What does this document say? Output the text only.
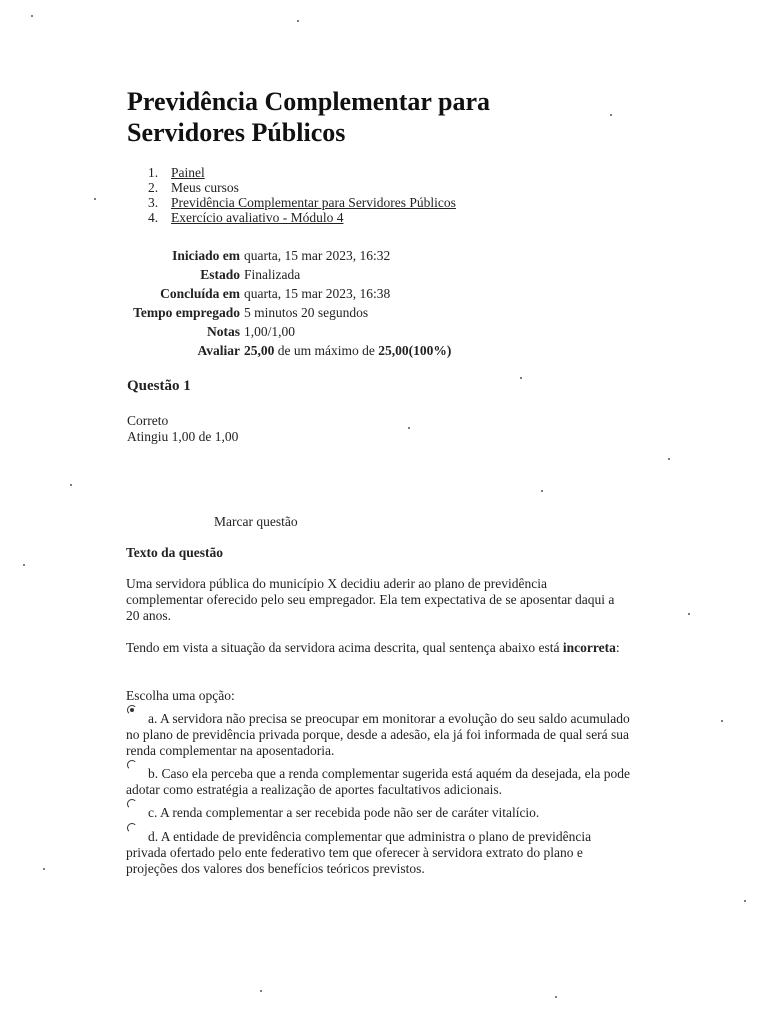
Previdência Complementar para
Servidores Públicos
1. Painel
2. Meus cursos
3. Previdência Complementar para Servidores Públicos
4. Exercício avaliativo - Módulo 4
Iniciado em	quarta, 15 mar 2023, 16:32
Estado	Finalizada
Concluída em	quarta, 15 mar 2023, 16:38
Tempo empregado	5 minutos 20 segundos
Notas	1,00/1,00
Avaliar	25,00 de um máximo de 25,00(100%)
Questão 1
Correto
Atingiu 1,00 de 1,00
Marcar questão
Texto da questão
Uma servidora pública do município X decidiu aderir ao plano de previdência complementar oferecido pelo seu empregador. Ela tem expectativa de se aposentar daqui a 20 anos.
Tendo em vista a situação da servidora acima descrita, qual sentença abaixo está incorreta:
Escolha uma opção:
a. A servidora não precisa se preocupar em monitorar a evolução do seu saldo acumulado no plano de previdência privada porque, desde a adesão, ela já foi informada de qual será sua renda complementar na aposentadoria.
b. Caso ela perceba que a renda complementar sugerida está aquém da desejada, ela pode adotar como estratégia a realização de aportes facultativos adicionais.
c. A renda complementar a ser recebida pode não ser de caráter vitalício.
d. A entidade de previdência complementar que administra o plano de previdência privada ofertado pelo ente federativo tem que oferecer à servidora extrato do plano e projeções dos valores dos benefícios teóricos previstos.
